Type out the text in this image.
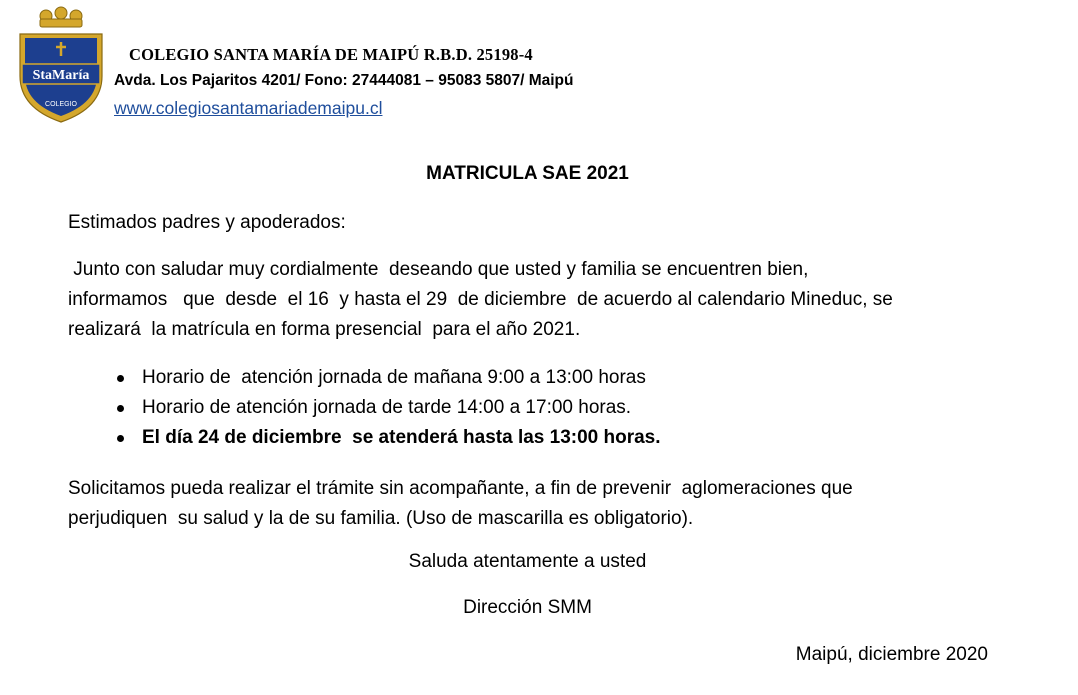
StaMaría
COLEGIO
COLEGIO SANTA MARÍA DE MAIPÚ R.B.D. 25198-4
Avda. Los Pajaritos 4201/ Fono: 27444081 – 95083 5807/ Maipú
www.colegiosantamariademaipu.cl
MATRICULA SAE 2021
Estimados padres y apoderados:
Junto con saludar muy cordialmente  deseando que usted y familia se encuentren bien,
informamos   que  desde  el 16  y hasta el 29  de diciembre  de acuerdo al calendario Mineduc, se
realizará  la matrícula en forma presencial  para el año 2021.
Horario de  atención jornada de mañana 9:00 a 13:00 horas
Horario de atención jornada de tarde 14:00 a 17:00 horas.
El día 24 de diciembre  se atenderá hasta las 13:00 horas.
Solicitamos pueda realizar el trámite sin acompañante, a fin de prevenir  aglomeraciones que
perjudiquen  su salud y la de su familia. (Uso de mascarilla es obligatorio).
Saluda atentamente a usted
Dirección SMM
Maipú, diciembre 2020
